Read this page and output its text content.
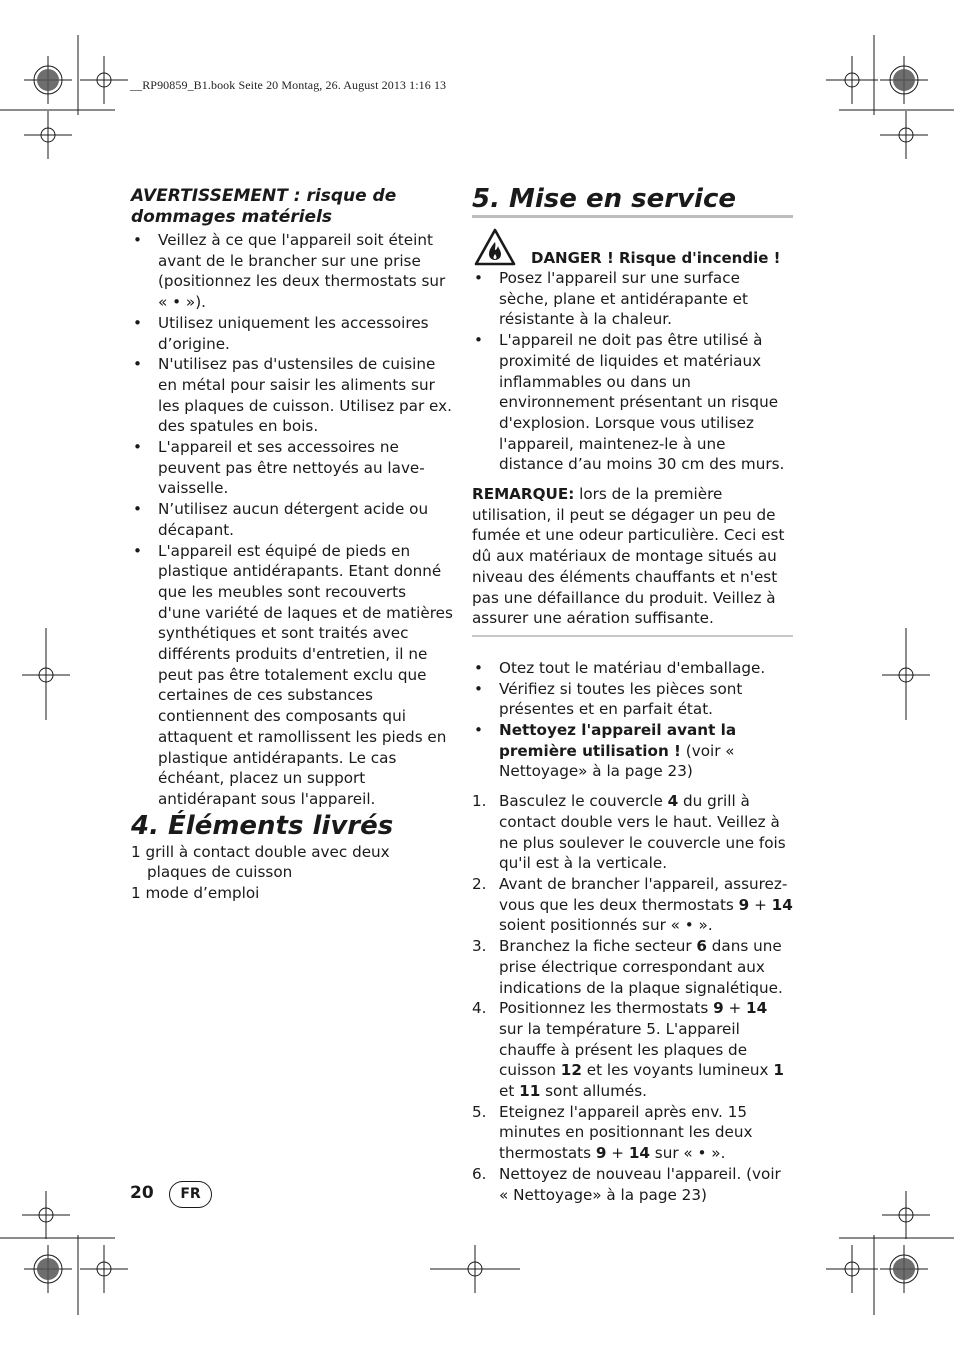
__RP90859_B1.book Seite 20 Montag, 26. August 2013 1:16 13
AVERTISSEMENT : risque de dommages matériels
• Veillez à ce que l'appareil soit éteint avant de le brancher sur une prise (positionnez les deux thermostats sur « • »).
• Utilisez uniquement les accessoires d’origine.
• N'utilisez pas d'ustensiles de cuisine en métal pour saisir les aliments sur les plaques de cuisson. Utilisez par ex. des spatules en bois.
• L'appareil et ses accessoires ne peuvent pas être nettoyés au lave-vaisselle.
• N’utilisez aucun détergent acide ou décapant.
• L'appareil est équipé de pieds en plastique antidérapants. Etant donné que les meubles sont recouverts d'une variété de laques et de matières synthétiques et sont traités avec différents produits d'entretien, il ne peut pas être totalement exclu que certaines de ces substances contiennent des composants qui attaquent et ramollissent les pieds en plastique antidérapants. Le cas échéant, placez un support antidérapant sous l'appareil.
4. Éléments livrés

1 grill à contact double avec deux plaques de cuisson

1 mode d’emploi

5. Mise en service
DANGER ! Risque d'incendie !
• Posez l'appareil sur une surface sèche, plane et antidérapante et résistante à la chaleur.
• L'appareil ne doit pas être utilisé à proximité de liquides et matériaux inflammables ou dans un environnement présentant un risque d'explosion. Lorsque vous utilisez l'appareil, maintenez-le à une distance d’au moins 30 cm des murs.

REMARQUE: lors de la première utilisation, il peut se dégager un peu de fumée et une odeur particulière. Ceci est dû aux matériaux de montage situés au niveau des éléments chauffants et n'est pas une défaillance du produit. Veillez à assurer une aération suffisante.

• Otez tout le matériau d'emballage.
• Vérifiez si toutes les pièces sont présentes et en parfait état.
• Nettoyez l'appareil avant la première utilisation ! (voir « Nettoyage» à la page 23)
1. Basculez le couvercle 4 du grill à contact double vers le haut. Veillez à ne plus soulever le couvercle une fois qu'il est à la verticale.
2. Avant de brancher l'appareil, assurez-vous que les deux thermostats 9 + 14 soient positionnés sur « • ».
3. Branchez la fiche secteur 6 dans une prise électrique correspondant aux indications de la plaque signalétique.
4. Positionnez les thermostats 9 + 14 sur la température 5. L'appareil chauffe à présent les plaques de cuisson 12 et les voyants lumineux 1 et 11 sont allumés.
5. Eteignez l'appareil après env. 15 minutes en positionnant les deux thermostats 9 + 14 sur « • ».
6. Nettoyez de nouveau l'appareil. (voir « Nettoyage» à la page 23)
20	FR
